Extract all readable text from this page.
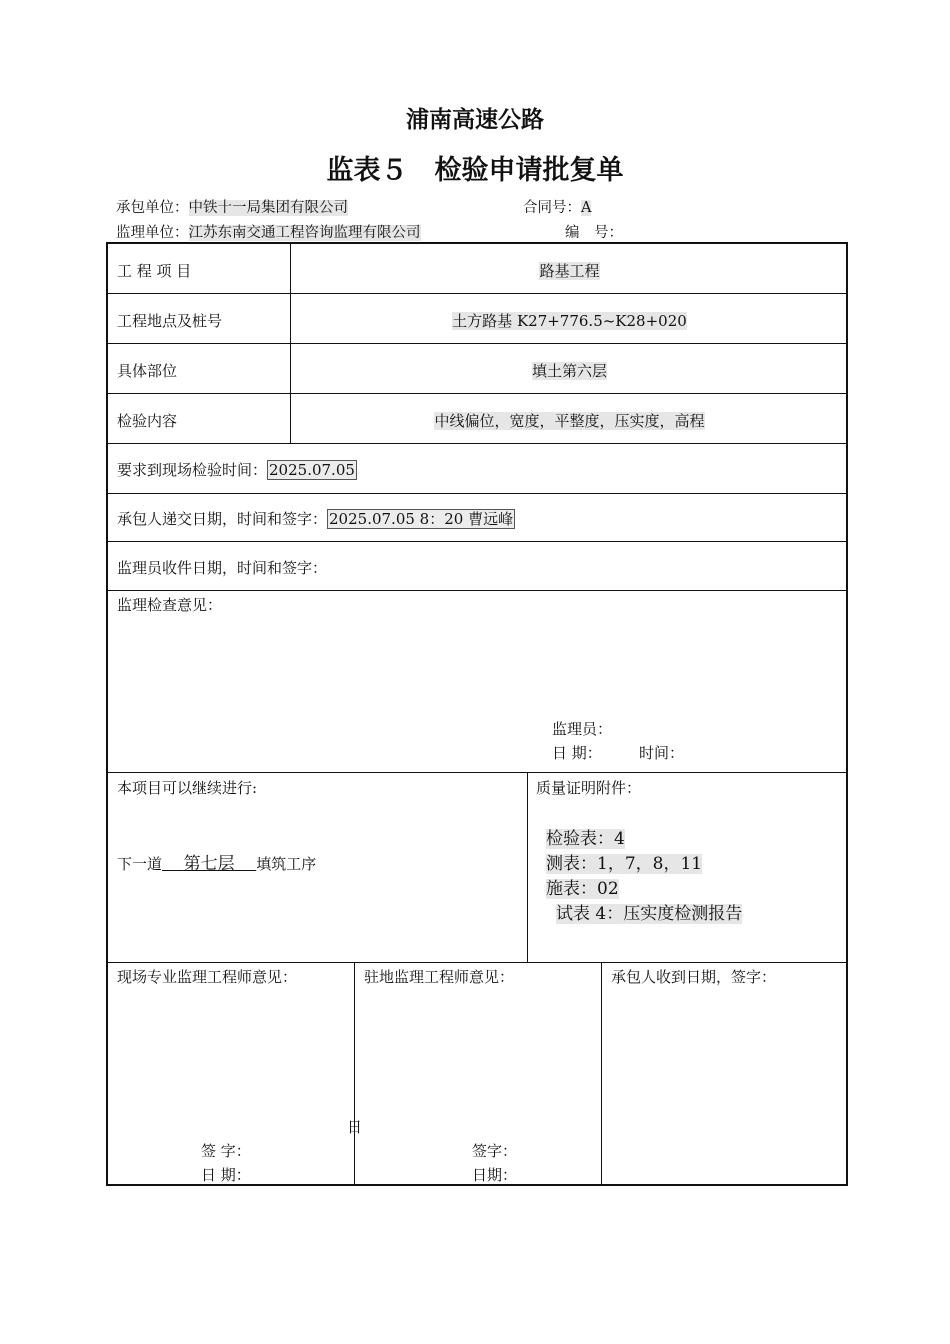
浦南高速公路
监表５　检验申请批复单
承包单位：中铁十一局集团有限公司	合同号：A
监理单位：江苏东南交通工程咨询监理有限公司	编　号：
工 程 项 目	路基工程
工程地点及桩号	土方路基 K27+776.5~K28+020
具体部位	填土第六层
检验内容	中线偏位，宽度，平整度，压实度，高程
要求到现场检验时间： 2025.07.05
承包人递交日期，时间和签字： 2025.07.05 8：20 曹远峰
监理员收件日期，时间和签字：
监理检查意见：
监理员：
日 期： 时间：
本项目可以继续进行:
下一道 第七层 填筑工序
质量证明附件：
检验表：4
测表：1，7，8，11
施表：02
试表 4：压实度检测报告
现场专业监理工程师意见：	驻地监理工程师意见：	承包人收到日期，签字：
日
签 字：
日 期：
签字：
日期：
